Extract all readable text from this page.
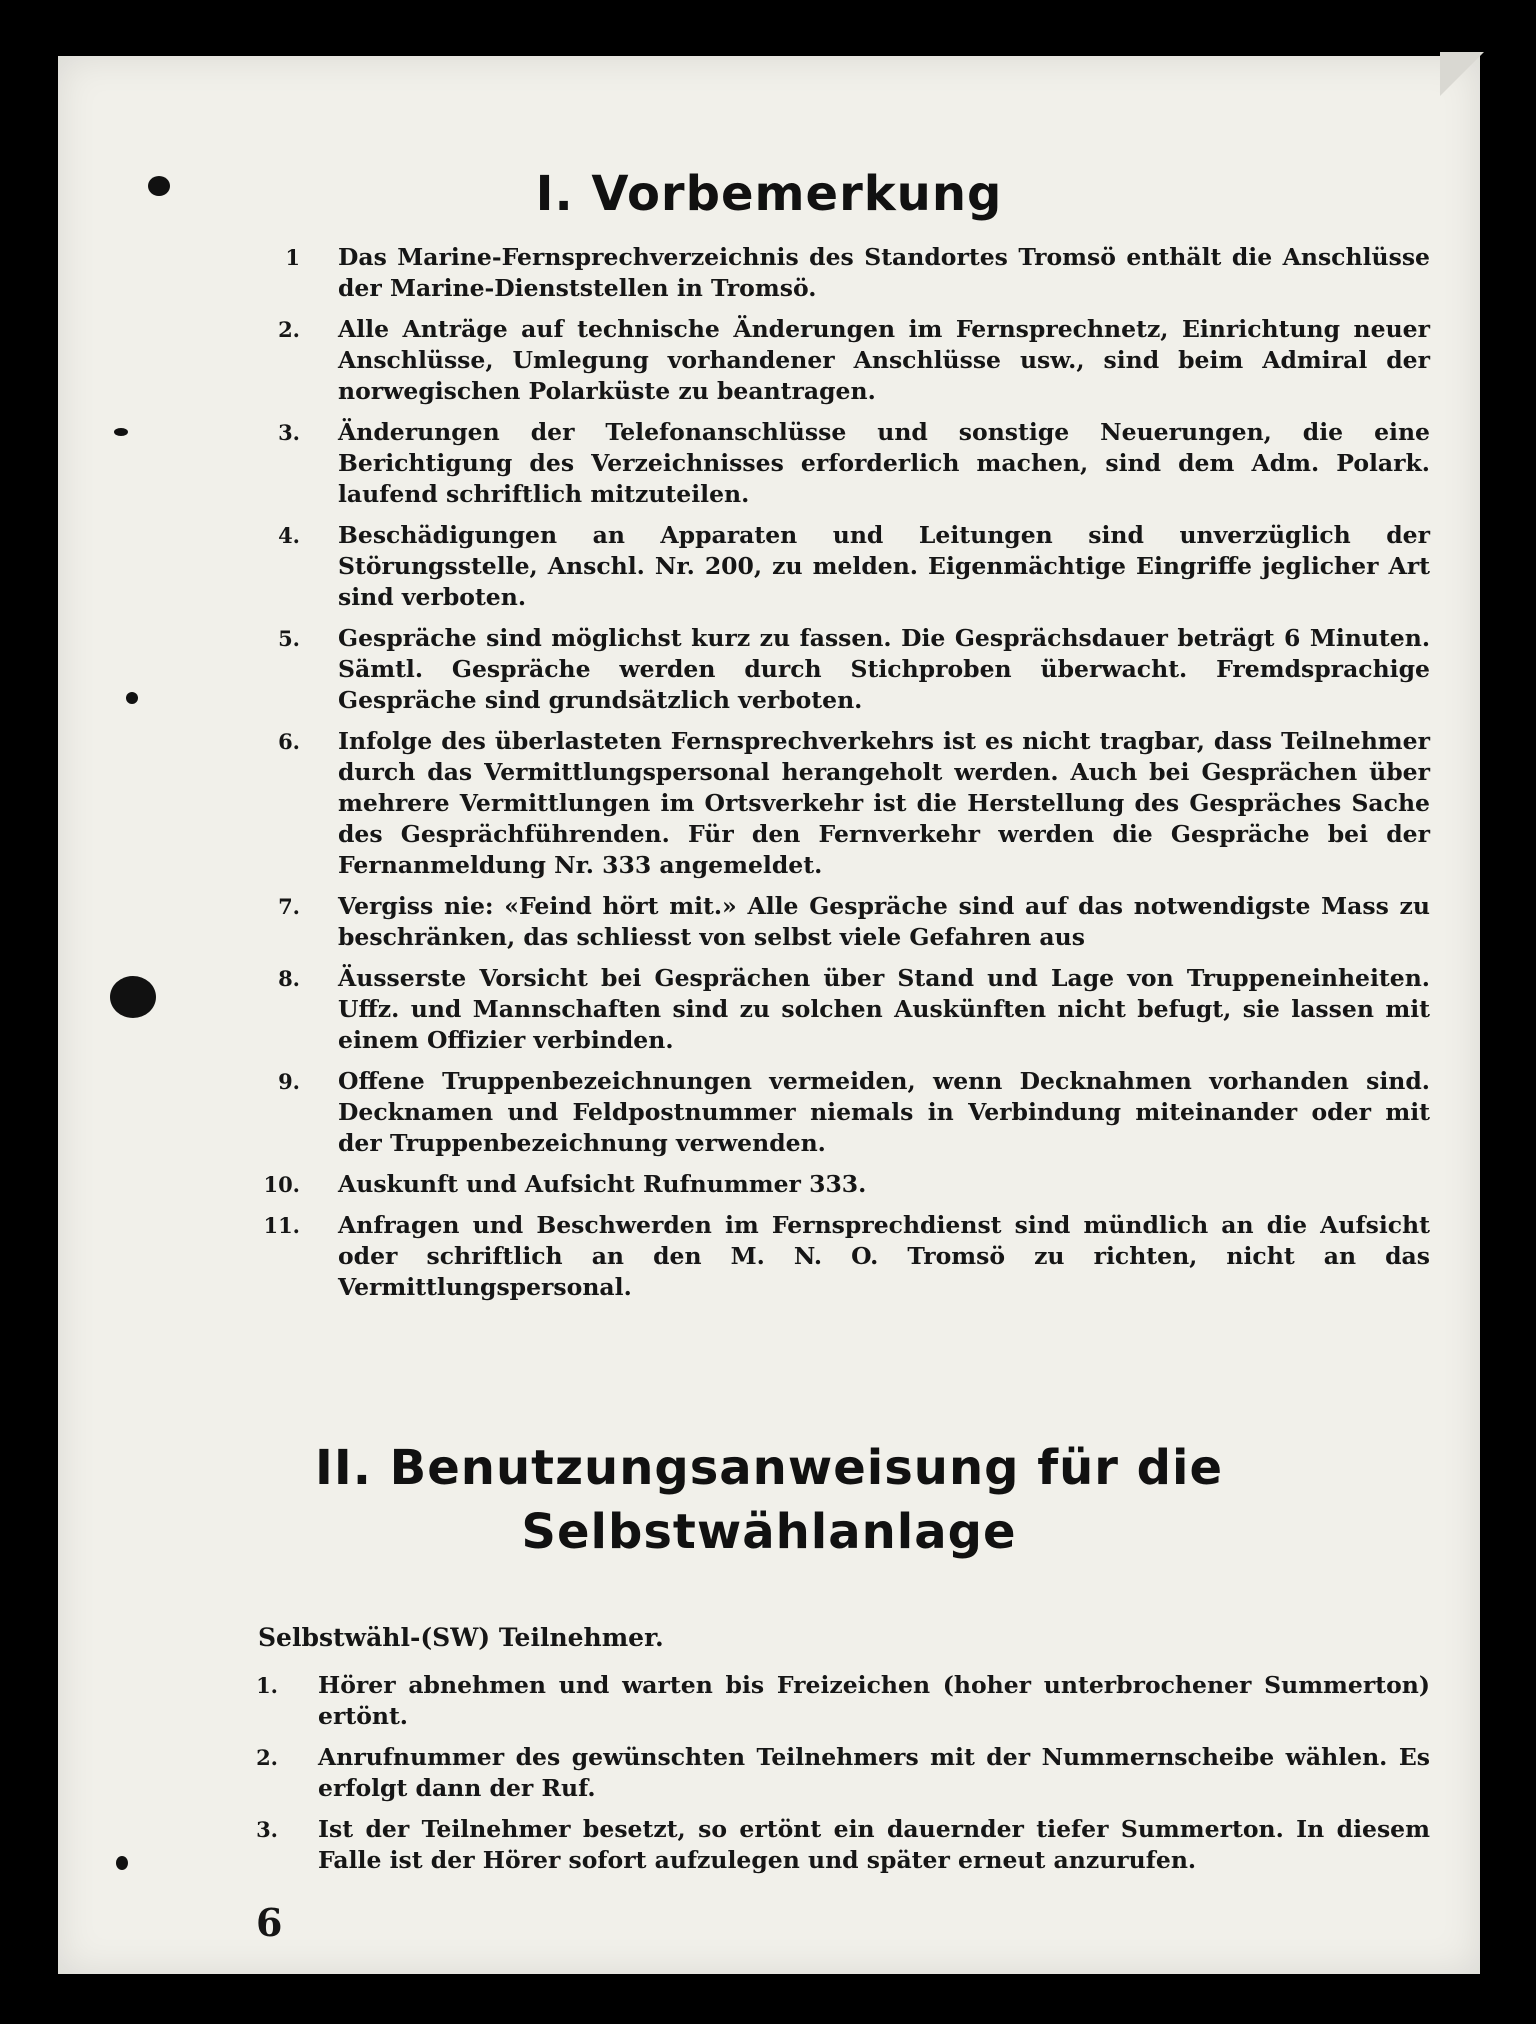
I. Vorbemerkung
1 Das Marine-Fernsprechverzeichnis des Standortes Tromsö enthält die Anschlüsse der Marine-Dienststellen in Tromsö.
2. Alle Anträge auf technische Änderungen im Fernsprechnetz, Einrichtung neuer Anschlüsse, Umlegung vorhandener Anschlüsse usw., sind beim Admiral der norwegischen Polarküste zu beantragen.
3. Änderungen der Telefonanschlüsse und sonstige Neuerungen, die eine Berichtigung des Verzeichnisses erforderlich machen, sind dem Adm. Polark. laufend schriftlich mitzuteilen.
4. Beschädigungen an Apparaten und Leitungen sind unverzüglich der Störungsstelle, Anschl. Nr. 200, zu melden. Eigenmächtige Eingriffe jeglicher Art sind verboten.
5. Gespräche sind möglichst kurz zu fassen. Die Gesprächsdauer beträgt 6 Minuten. Sämtl. Gespräche werden durch Stichproben überwacht. Fremdsprachige Gespräche sind grundsätzlich verboten.
6. Infolge des überlasteten Fernsprechverkehrs ist es nicht tragbar, dass Teilnehmer durch das Vermittlungspersonal herangeholt werden. Auch bei Gesprächen über mehrere Vermittlungen im Ortsverkehr ist die Herstellung des Gespräches Sache des Gesprächführenden. Für den Fernverkehr werden die Gespräche bei der Fernanmeldung Nr. 333 angemeldet.
7. Vergiss nie: «Feind hört mit.» Alle Gespräche sind auf das notwendigste Mass zu beschränken, das schliesst von selbst viele Gefahren aus
8. Äusserste Vorsicht bei Gesprächen über Stand und Lage von Truppeneinheiten. Uffz. und Mannschaften sind zu solchen Auskünften nicht befugt, sie lassen mit einem Offizier verbinden.
9. Offene Truppenbezeichnungen vermeiden, wenn Decknahmen vorhanden sind. Decknamen und Feldpostnummer niemals in Verbindung miteinander oder mit der Truppenbezeichnung verwenden.
10. Auskunft und Aufsicht Rufnummer 333.
11. Anfragen und Beschwerden im Fernsprechdienst sind mündlich an die Aufsicht oder schriftlich an den M. N. O. Tromsö zu richten, nicht an das Vermittlungspersonal.
II. Benutzungsanweisung für die
Selbstwählanlage
Selbstwähl-(SW) Teilnehmer.
1. Hörer abnehmen und warten bis Freizeichen (hoher unterbrochener Summerton) ertönt.
2. Anrufnummer des gewünschten Teilnehmers mit der Nummernscheibe wählen. Es erfolgt dann der Ruf.
3. Ist der Teilnehmer besetzt, so ertönt ein dauernder tiefer Summerton. In diesem Falle ist der Hörer sofort aufzulegen und später erneut anzurufen.
6
